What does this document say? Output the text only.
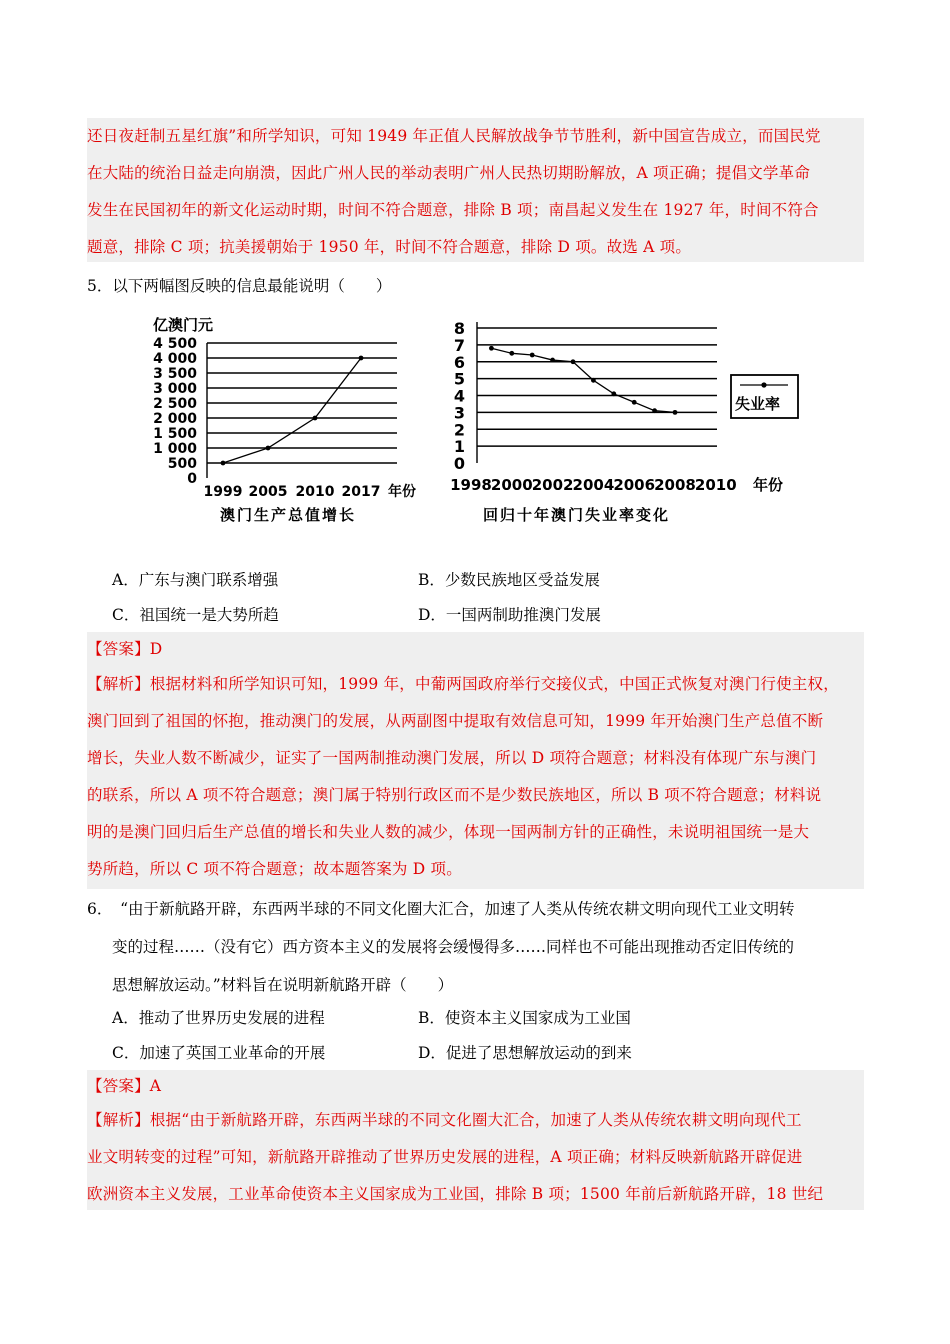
还日夜赶制五星红旗”和所学知识，可知 1949 年正值人民解放战争节节胜利，新中国宣告成立，而国民党
在大陆的统治日益走向崩溃，因此广州人民的举动表明广州人民热切期盼解放，A 项正确；提倡文学革命
发生在民国初年的新文化运动时期，时间不符合题意，排除 B 项；南昌起义发生在 1927 年，时间不符合
题意，排除 C 项；抗美援朝始于 1950 年，时间不符合题意，排除 D 项。故选 A 项。
5．以下两幅图反映的信息最能说明（　　）
亿澳门元
0
500
1 000
1 500
2 000
2 500
3 000
3 500
4 000
4 500
1999 2005 2010 2017 年份
澳门生产总值增长
0
1
2
3
4
5
6
7
8
1998 2000 2002 2004 2006 2008 2010 年份
回归十年澳门失业率变化
失业率
A．广东与澳门联系增强	B．少数民族地区受益发展
C．祖国统一是大势所趋	D．一国两制助推澳门发展
【答案】D
【解析】根据材料和所学知识可知，1999 年，中葡两国政府举行交接仪式，中国正式恢复对澳门行使主权，
澳门回到了祖国的怀抱，推动澳门的发展，从两副图中提取有效信息可知，1999 年开始澳门生产总值不断
增长，失业人数不断减少，证实了一国两制推动澳门发展，所以 D 项符合题意；材料没有体现广东与澳门
的联系，所以 A 项不符合题意；澳门属于特别行政区而不是少数民族地区，所以 B 项不符合题意；材料说
明的是澳门回归后生产总值的增长和失业人数的减少，体现一国两制方针的正确性，未说明祖国统一是大
势所趋，所以 C 项不符合题意；故本题答案为 D 项。
6．　“由于新航路开辟，东西两半球的不同文化圈大汇合，加速了人类从传统农耕文明向现代工业文明转
变的过程……（没有它）西方资本主义的发展将会缓慢得多……同样也不可能出现推动否定旧传统的
思想解放运动。”材料旨在说明新航路开辟（　　）
A．推动了世界历史发展的进程	B．使资本主义国家成为工业国
C．加速了英国工业革命的开展	D．促进了思想解放运动的到来
【答案】A
【解析】根据“由于新航路开辟，东西两半球的不同文化圈大汇合，加速了人类从传统农耕文明向现代工
业文明转变的过程”可知，新航路开辟推动了世界历史发展的进程，A 项正确；材料反映新航路开辟促进
欧洲资本主义发展，工业革命使资本主义国家成为工业国，排除 B 项；1500 年前后新航路开辟，18 世纪
